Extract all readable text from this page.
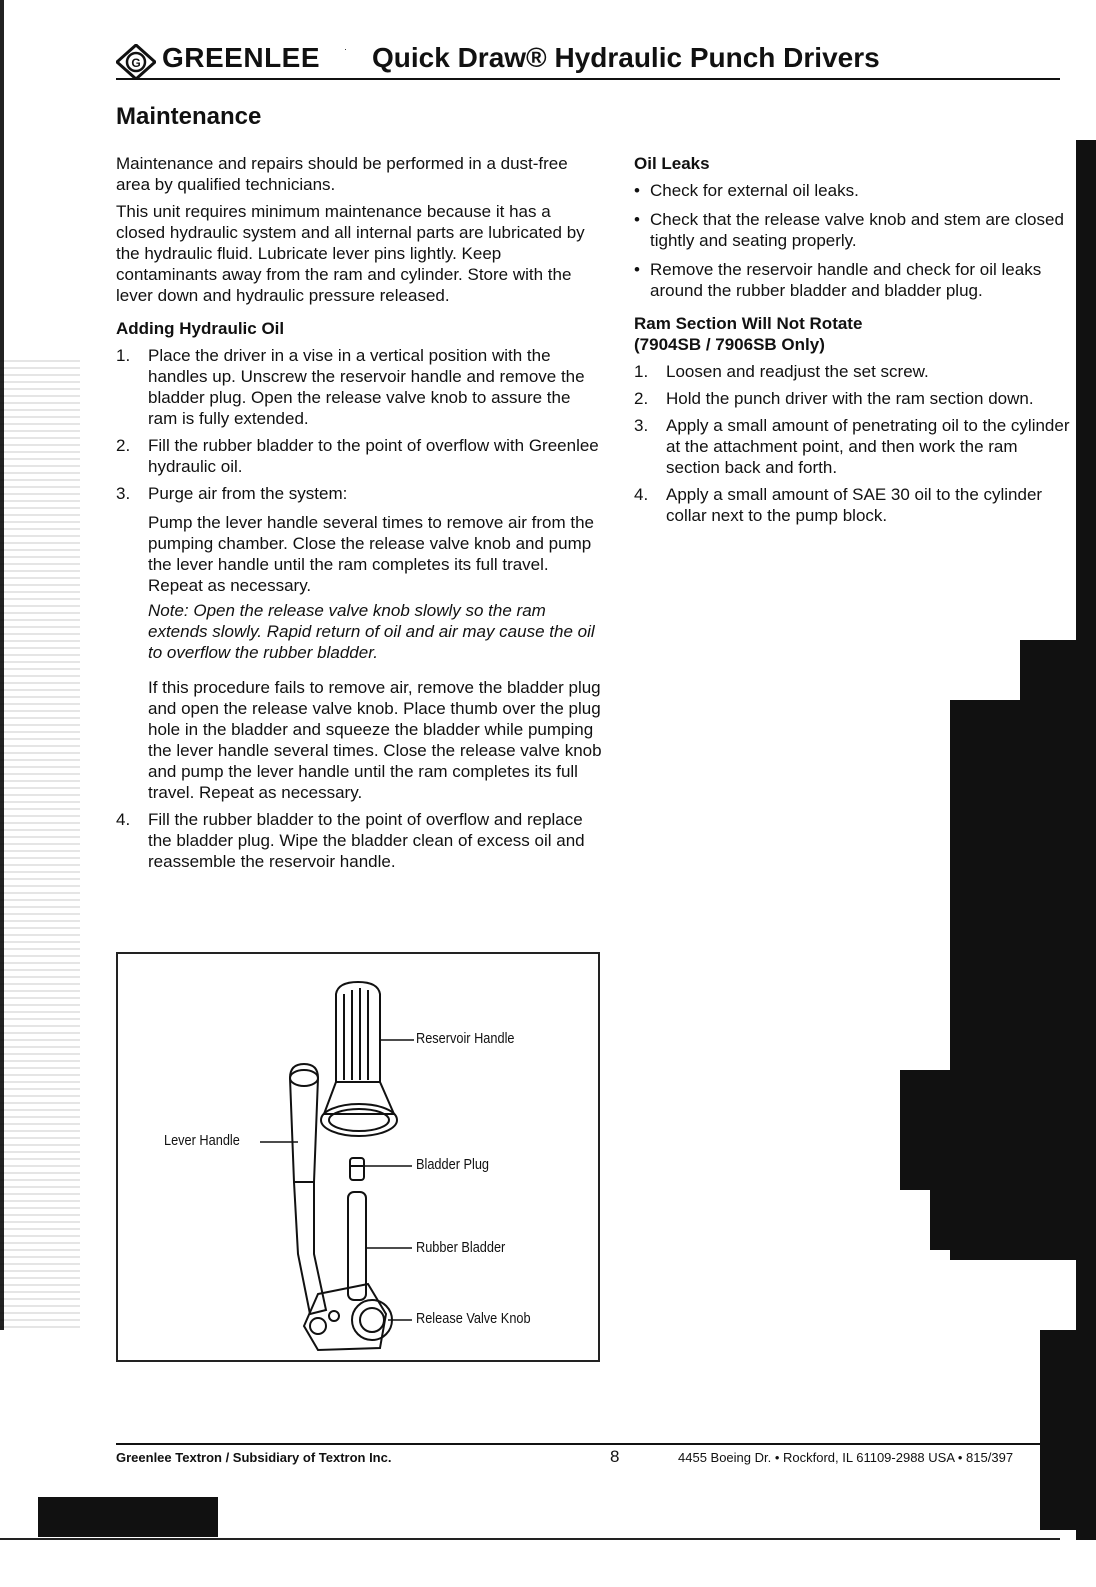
G GREENLEE	· Quick Draw® Hydraulic Punch Drivers
Maintenance

Maintenance and repairs should be performed in a dust-free area by qualified technicians.

This unit requires minimum maintenance because it has a closed hydraulic system and all internal parts are lubricated by the hydraulic fluid. Lubricate lever pins lightly. Keep contaminants away from the ram and cylinder. Store with the lever down and hydraulic pressure released.

Adding Hydraulic Oil
1. Place the driver in a vise in a vertical position with the handles up. Unscrew the reservoir handle and remove the bladder plug. Open the release valve knob to assure the ram is fully extended.
2. Fill the rubber bladder to the point of overflow with Greenlee hydraulic oil.
3. Purge air from the system:

Pump the lever handle several times to remove air from the pumping chamber. Close the release valve knob and pump the lever handle until the ram completes its full travel. Repeat as necessary.

Note: Open the release valve knob slowly so the ram extends slowly. Rapid return of oil and air may cause the oil to overflow the rubber bladder.

If this procedure fails to remove air, remove the bladder plug and open the release valve knob. Place thumb over the plug hole in the bladder and squeeze the bladder while pumping the lever handle several times. Close the release valve knob and pump the lever handle until the ram completes its full travel. Repeat as necessary.

4. Fill the rubber bladder to the point of overflow and replace the bladder plug. Wipe the bladder clean of excess oil and reassemble the reservoir handle.
Oil Leaks
• Check for external oil leaks.
• Check that the release valve knob and stem are closed tightly and seating properly.
• Remove the reservoir handle and check for oil leaks around the rubber bladder and bladder plug.
Ram Section Will Not Rotate
(7904SB / 7906SB Only)
1. Loosen and readjust the set screw.
2. Hold the punch driver with the ram section down.
3. Apply a small amount of penetrating oil to the cylinder at the attachment point, and then work the ram section back and forth.
4. Apply a small amount of SAE 30 oil to the cylinder collar next to the pump block.
Reservoir Handle
Lever Handle
Bladder Plug
Rubber Bladder
Release Valve Knob
Greenlee Textron / Subsidiary of Textron Inc.	8	4455 Boeing Dr. • Rockford, IL 61109-2988 USA • 815/397
